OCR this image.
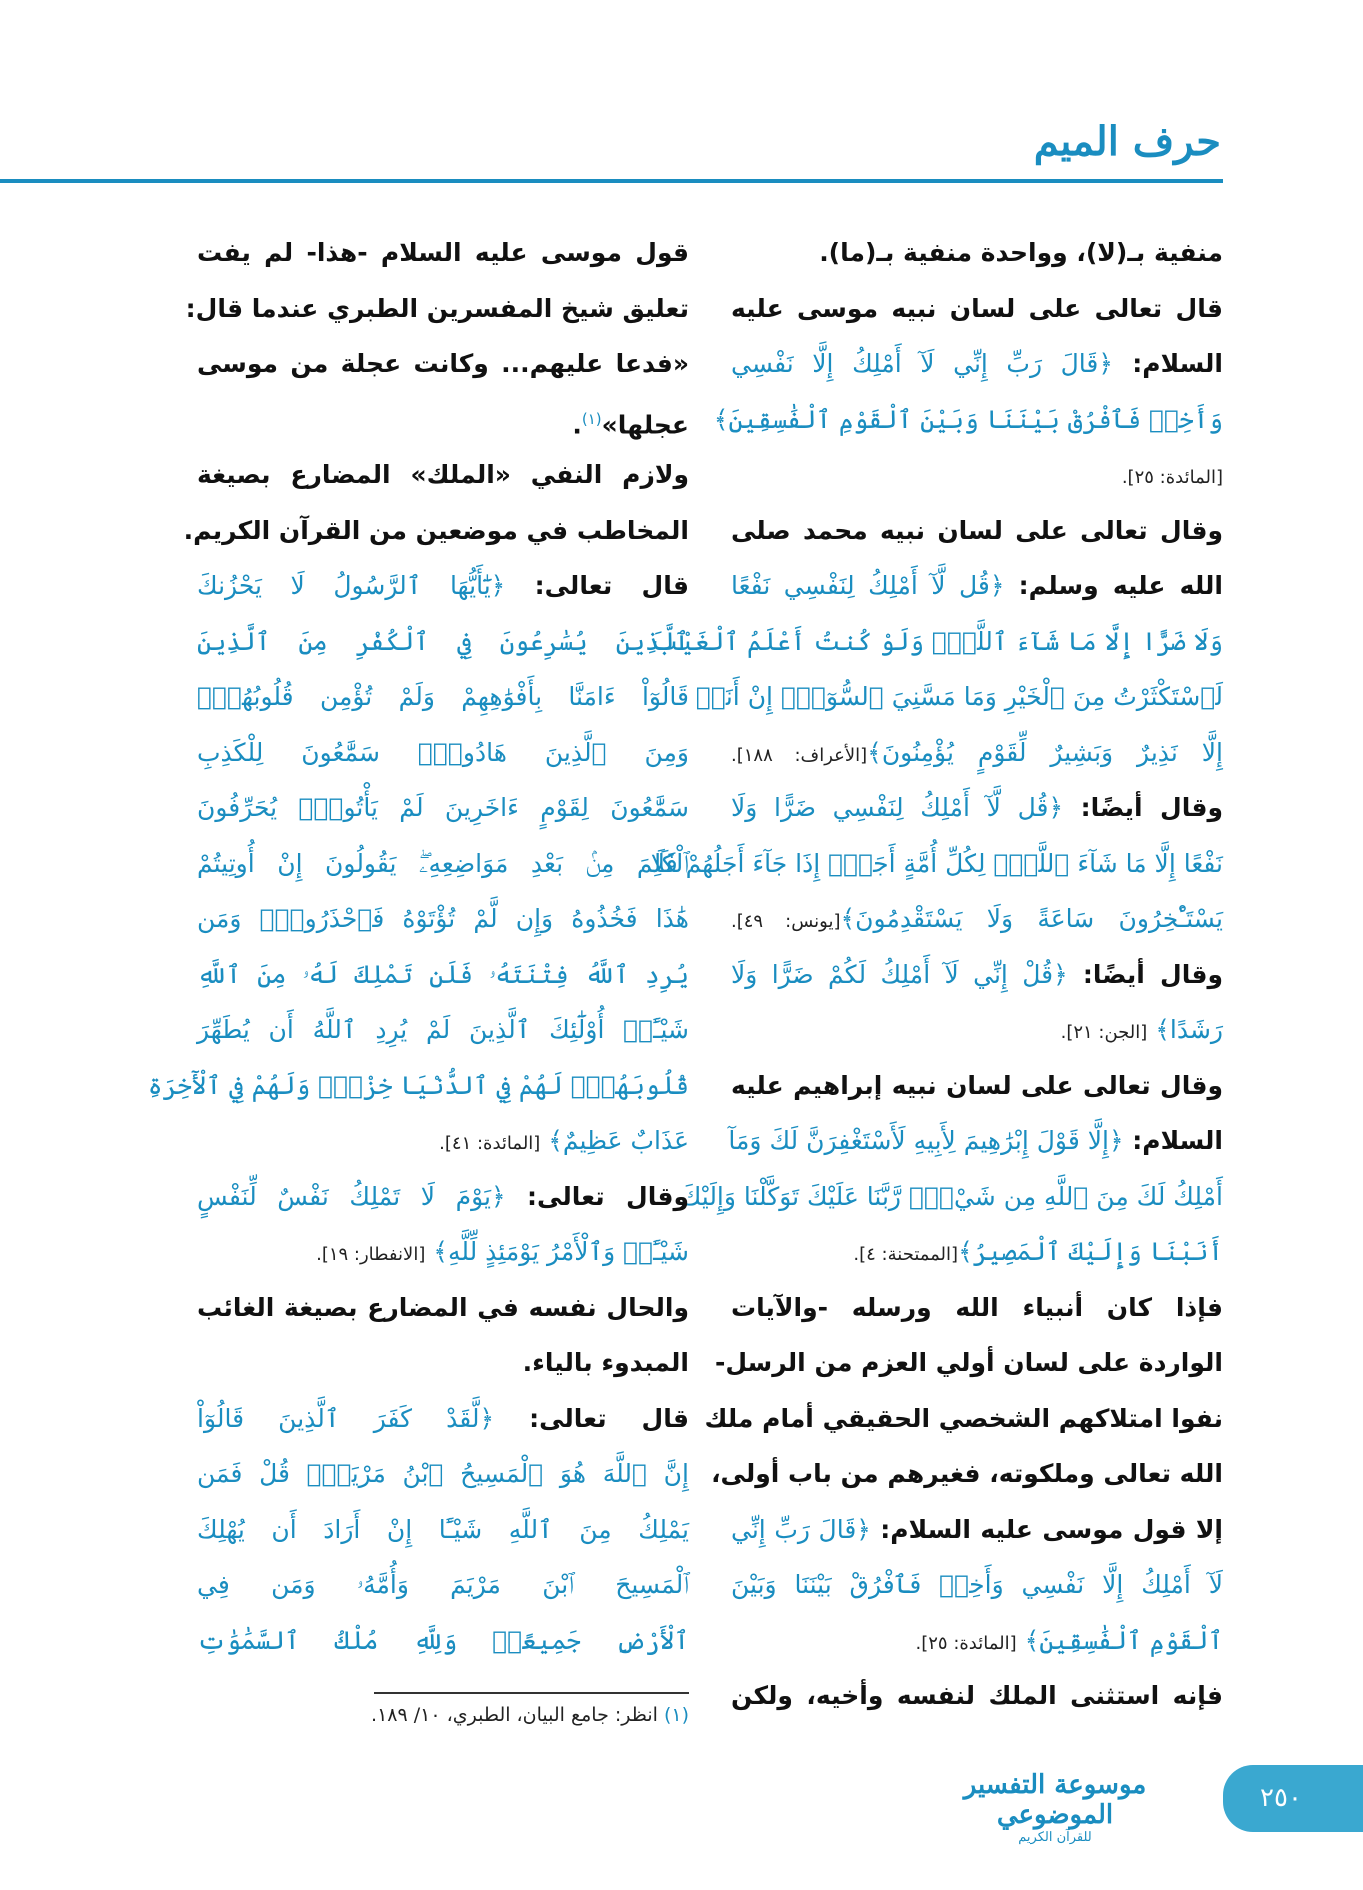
حرف الميم
منفية بـ(لا)، وواحدة منفية بـ(ما).
قال تعالى على لسان نبيه موسى عليه
السلام: ﴿قَالَ رَبِّ إِنِّي لَآ أَمْلِكُ إِلَّا نَفْسِي
وَأَخِيۖ فَٱفْرُقْ بَيْنَنَا وَبَيْنَ ٱلْقَوْمِ ٱلْفَٰسِقِينَ﴾
[المائدة: ٢٥].
وقال تعالى على لسان نبيه محمد صلى
الله عليه وسلم: ﴿قُل لَّآ أَمْلِكُ لِنَفْسِي نَفْعًا
وَلَا ضَرًّا إِلَّا مَا شَآءَ ٱللَّهُۚ وَلَوْ كُنتُ أَعْلَمُ ٱلْغَيْبَ
لَٱسْتَكْثَرْتُ مِنَ ٱلْخَيْرِ وَمَا مَسَّنِيَ ٱلسُّوٓءُۚ إِنْ أَنَا۠
إِلَّا نَذِيرٌ وَبَشِيرٌ لِّقَوْمٍ يُؤْمِنُونَ﴾[الأعراف: ١٨٨].
وقال أيضًا: ﴿قُل لَّآ أَمْلِكُ لِنَفْسِي ضَرًّا وَلَا
نَفْعًا إِلَّا مَا شَآءَ ٱللَّهُۗ لِكُلِّ أُمَّةٍ أَجَلٌۚ إِذَا جَآءَ أَجَلُهُمْ فَلَا
يَسْتَـْٔخِرُونَ سَاعَةً وَلَا يَسْتَقْدِمُونَ﴾[يونس: ٤٩].
وقال أيضًا: ﴿قُلْ إِنِّي لَآ أَمْلِكُ لَكُمْ ضَرًّا وَلَا
رَشَدًا﴾ [الجن: ٢١].
وقال تعالى على لسان نبيه إبراهيم عليه
السلام: ﴿إِلَّا قَوْلَ إِبْرَٰهِيمَ لِأَبِيهِ لَأَسْتَغْفِرَنَّ لَكَ وَمَآ
أَمْلِكُ لَكَ مِنَ ٱللَّهِ مِن شَيْءٍۖ رَّبَّنَا عَلَيْكَ تَوَكَّلْنَا وَإِلَيْكَ
أَنَبْنَا وَإِلَيْكَ ٱلْمَصِيرُ﴾[الممتحنة: ٤].
فإذا كان أنبياء الله ورسله -والآيات
الواردة على لسان أولي العزم من الرسل-
نفوا امتلاكهم الشخصي الحقيقي أمام ملك
الله تعالى وملكوته، فغيرهم من باب أولى،
إلا قول موسى عليه السلام: ﴿قَالَ رَبِّ إِنِّي
لَآ أَمْلِكُ إِلَّا نَفْسِي وَأَخِيۖ فَٱفْرُقْ بَيْنَنَا وَبَيْنَ
ٱلْقَوْمِ ٱلْفَٰسِقِينَ﴾ [المائدة: ٢٥].
فإنه استثنى الملك لنفسه وأخيه، ولكن
قول موسى عليه السلام -هذا- لم يفت
تعليق شيخ المفسرين الطبري عندما قال:
«فدعا عليهم... وكانت عجلة من موسى
عجلها»$^{(١)}$.
ولازم النفي «الملك» المضارع بصيغة
المخاطب في موضعين من القرآن الكريم.
قال تعالى: ﴿يَٰٓأَيُّهَا ٱلرَّسُولُ لَا يَحْزُنكَ
ٱلَّذِينَ يُسَٰرِعُونَ فِي ٱلْكُفْرِ مِنَ ٱلَّذِينَ
قَالُوٓاْ ءَامَنَّا بِأَفْوَٰهِهِمْ وَلَمْ تُؤْمِن قُلُوبُهُمْۛ
وَمِنَ ٱلَّذِينَ هَادُواْۛ سَمَّٰعُونَ لِلْكَذِبِ
سَمَّٰعُونَ لِقَوْمٍ ءَاخَرِينَ لَمْ يَأْتُوكَۖ يُحَرِّفُونَ
ٱلْكَلِمَ مِنۢ بَعْدِ مَوَاضِعِهِۦۖ يَقُولُونَ إِنْ أُوتِيتُمْ
هَٰذَا فَخُذُوهُ وَإِن لَّمْ تُؤْتَوْهُ فَٱحْذَرُواْۚ وَمَن
يُرِدِ ٱللَّهُ فِتْنَتَهُۥ فَلَن تَمْلِكَ لَهُۥ مِنَ ٱللَّهِ
شَيْـًٔاۚ أُوْلَٰٓئِكَ ٱلَّذِينَ لَمْ يُرِدِ ٱللَّهُ أَن يُطَهِّرَ
قُلُوبَهُمْۚ لَهُمْ فِي ٱلدُّنْيَا خِزْيٌۖ وَلَهُمْ فِي ٱلْأٓخِرَةِ
عَذَابٌ عَظِيمٌ﴾ [المائدة: ٤١].
وقال تعالى: ﴿يَوْمَ لَا تَمْلِكُ نَفْسٌ لِّنَفْسٍ
شَيْـًٔاۖ وَٱلْأَمْرُ يَوْمَئِذٍ لِّلَّهِ﴾ [الانفطار: ١٩].
والحال نفسه في المضارع بصيغة الغائب
المبدوء بالياء.
قال تعالى: ﴿لَّقَدْ كَفَرَ ٱلَّذِينَ قَالُوٓاْ
إِنَّ ٱللَّهَ هُوَ ٱلْمَسِيحُ ٱبْنُ مَرْيَمَۖ قُلْ فَمَن
يَمْلِكُ مِنَ ٱللَّهِ شَيْـًٔا إِنْ أَرَادَ أَن يُهْلِكَ
ٱلْمَسِيحَ ٱبْنَ مَرْيَمَ وَأُمَّهُۥ وَمَن فِي
ٱلْأَرْضِ جَمِيعًاۗ وَلِلَّهِ مُلْكُ ٱلسَّمَٰوَٰتِ
(١) انظر: جامع البيان، الطبري، ١٠/ ١٨٩.
موسوعة التفسير الموضوعي
للقرآن الكريم
٢٥٠
